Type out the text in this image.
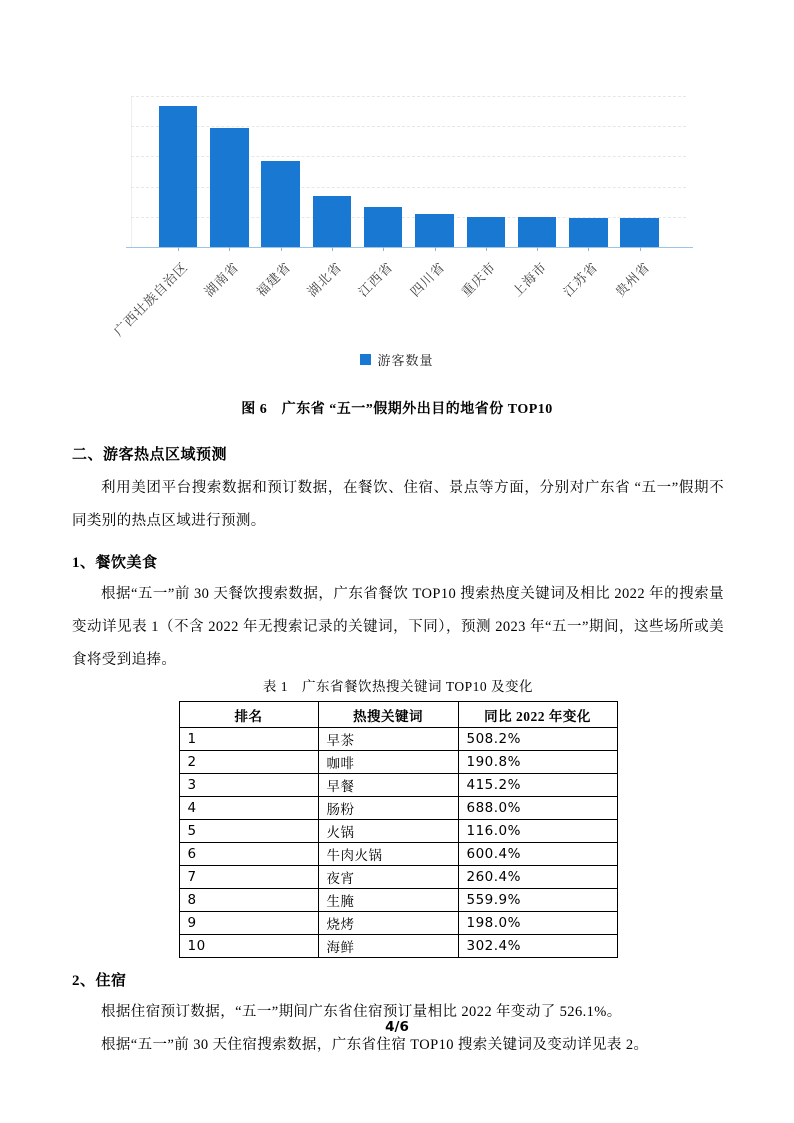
广西壮族自治区 湖南省 福建省 湖北省 江西省 四川省 重庆市 上海市 江苏省 贵州省
游客数量
图 6　广东省 “五一”假期外出目的地省份 TOP10
二、游客热点区域预测

利用美团平台搜索数据和预订数据，在餐饮、住宿、景点等方面，分别对广东省 “五一”假期不同类别的热点区域进行预测。

1、餐饮美食

根据“五一”前 30 天餐饮搜索数据，广东省餐饮 TOP10 搜索热度关键词及相比 2022 年的搜索量变动详见表 1（不含 2022 年无搜索记录的关键词，下同），预测 2023 年“五一”期间，这些场所或美食将受到追捧。

表 1　广东省餐饮热搜关键词 TOP10 及变化
排名	热搜关键词	同比 2022 年变化
1	早茶	508.2%
2	咖啡	190.8%
3	早餐	415.2%
4	肠粉	688.0%
5	火锅	116.0%
6	牛肉火锅	600.4%
7	夜宵	260.4%
8	生腌	559.9%
9	烧烤	198.0%
10	海鲜	302.4%
2、住宿

根据住宿预订数据，“五一”期间广东省住宿预订量相比 2022 年变动了 526.1%。

根据“五一”前 30 天住宿搜索数据，广东省住宿 TOP10 搜索关键词及变动详见表 2。

4/6
